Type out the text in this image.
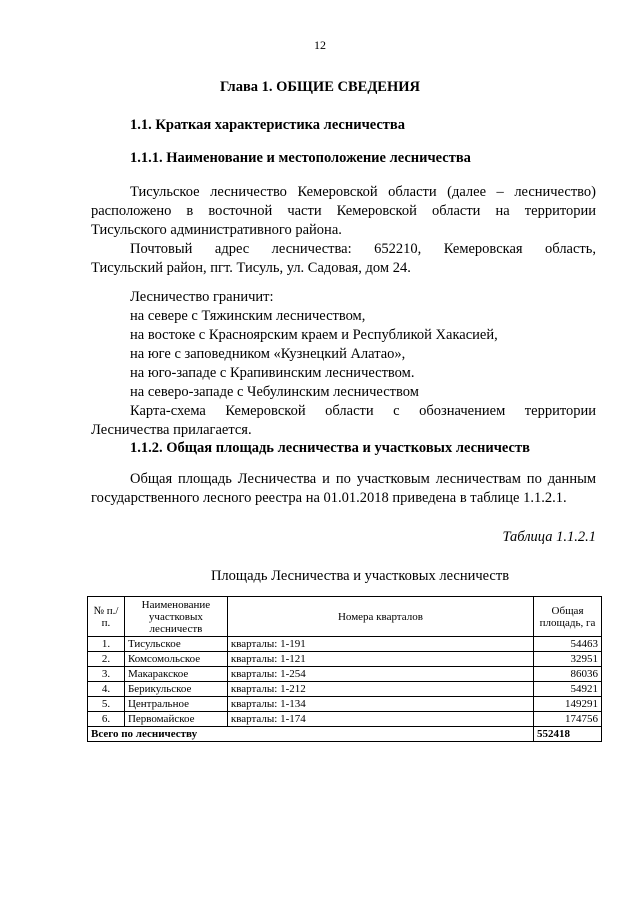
12
Глава 1. ОБЩИЕ СВЕДЕНИЯ
1.1. Краткая характеристика лесничества
1.1.1. Наименование и местоположение лесничества
Тисульское лесничество Кемеровской области (далее – лесничество)
расположено в восточной части Кемеровской области на территории
Тисульского административного района.
Почтовый адрес лесничества: 652210, Кемеровская область,
Тисульский район, пгт. Тисуль, ул. Садовая, дом 24.
Лесничество граничит:
на севере с Тяжинским лесничеством,
на востоке с Красноярским краем и Республикой Хакасией,
на юге с заповедником «Кузнецкий Алатао»,
на юго-западе с Крапивинским лесничеством.
на северо-западе с Чебулинским лесничеством
Карта-схема Кемеровской области с обозначением территории
Лесничества прилагается.
1.1.2. Общая площадь лесничества и участковых лесничеств
Общая площадь Лесничества и по участковым лесничествам по данным
государственного лесного реестра на 01.01.2018 приведена в таблице 1.1.2.1.
Таблица 1.1.2.1
Площадь Лесничества и участковых лесничеств
№ п./ п.	Наименование участковых лесничеств	Номера кварталов	Общая площадь, га
1.	Тисульское	кварталы: 1-191	54463
2.	Комсомольское	кварталы: 1-121	32951
3.	Макаракское	кварталы: 1-254	86036
4.	Берикульское	кварталы: 1-212	54921
5.	Центральное	кварталы: 1-134	149291
6.	Первомайское	кварталы: 1-174	174756
Всего по лесничеству			552418
